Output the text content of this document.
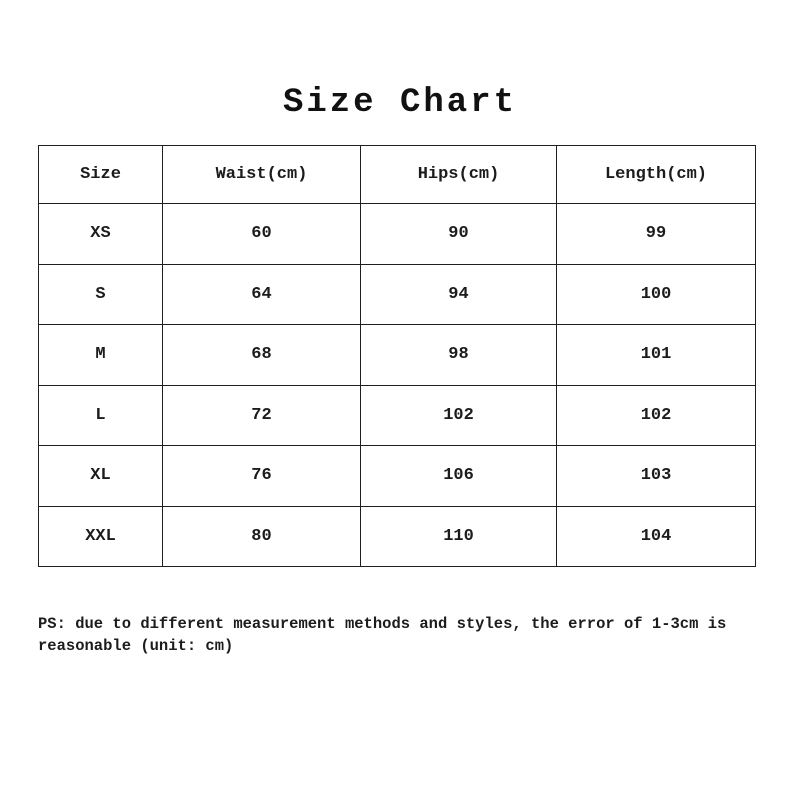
Size Chart
Size	Waist(cm)	Hips(cm)	Length(cm)
XS	60	90	99
S	64	94	100
M	68	98	101
L	72	102	102
XL	76	106	103
XXL	80	110	104
PS: due to different measurement methods and styles, the error of 1-3cm is reasonable (unit: cm)
